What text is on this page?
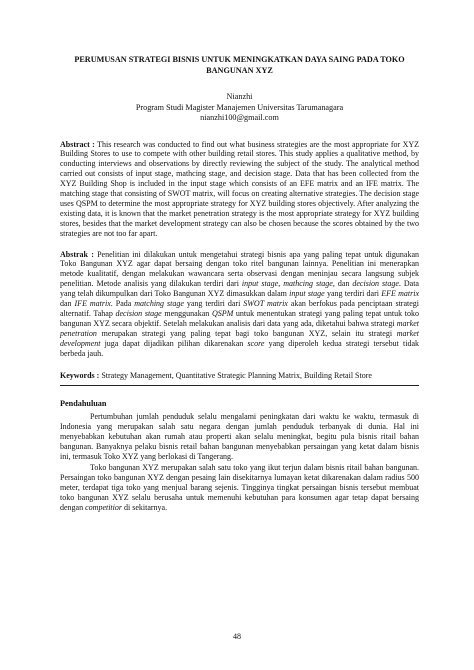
PERUMUSAN STRATEGI BISNIS UNTUK MENINGKATKAN DAYA SAING PADA TOKO BANGUNAN XYZ
Nianzhi
Program Studi Magister Manajemen Universitas Tarumanagara
nianzhi100@gmail.com
Abstract : This research was conducted to find out what business strategies are the most appropriate for XYZ Building Stores to use to compete with other building retail stores. This study applies a qualitative method, by conducting interviews and observations by directly reviewing the subject of the study. The analytical method carried out consists of input stage, mathcing stage, and decision stage. Data that has been collected from the XYZ Building Shop is included in the input stage which consists of an EFE matrix and an IFE matrix. The matching stage that consisting of SWOT matrix, will focus on creating alternative strategies. The decision stage uses QSPM to determine the most appropriate strategy for XYZ building stores objectively. After analyzing the existing data, it is known that the market penetration strategy is the most appropriate strategy for XYZ building stores, besides that the market development strategy can also be chosen because the scores obtained by the two strategies are not too far apart.
Abstrak : Penelitian ini dilakukan untuk mengetahui strategi bisnis apa yang paling tepat untuk digunakan Toko Bangunan XYZ agar dapat bersaing dengan toko ritel bangunan lainnya. Penelitian ini menerapkan metode kualitatif, dengan melakukan wawancara serta observasi dengan meninjau secara langsung subjek penelitian. Metode analisis yang dilakukan terdiri dari input stage, mathcing stage, dan decision stage. Data yang telah dikumpulkan dari Toko Bangunan XYZ dimasukkan dalam input stage yang terdiri dari EFE matrix dan IFE matrix. Pada matching stage yang terdiri dari SWOT matrix akan berfokus pada penciptaan strategi alternatif. Tahap decision stage menggunakan QSPM untuk menentukan strategi yang paling tepat untuk toko bangunan XYZ secara objektif. Setelah melakukan analisis dari data yang ada, diketahui bahwa strategi market penetration merupakan strategi yang paling tepat bagi toko bangunan XYZ, selain itu strategi market development juga dapat dijadikan pilihan dikarenakan score yang diperoleh kedua strategi tersebut tidak berbeda jauh.
Keywords : Strategy Management, Quantitative Strategic Planning Matrix, Building Retail Store
Pendahuluan
Pertumbuhan jumlah penduduk selalu mengalami peningkatan dari waktu ke waktu, termasuk di Indonesia yang merupakan salah satu negara dengan jumlah penduduk terbanyak di dunia. Hal ini menyebabkan kebutuhan akan rumah atau properti akan selalu meningkat, begitu pula bisnis ritail bahan bangunan. Banyaknya pelaku bisnis retail bahan bangunan menyebabkan persaingan yang ketat dalam bisnis ini, termasuk Toko XYZ yang berlokasi di Tangerang.
Toko bangunan XYZ merupakan salah satu toko yang ikut terjun dalam bisnis ritail bahan bangunan. Persaingan toko bangunan XYZ dengan pesaing lain disekitarnya lumayan ketat dikarenakan dalam radius 500 meter, terdapat tiga toko yang menjual barang sejenis. Tingginya tingkat persaingan bisnis tersebut membuat toko bangunan XYZ selalu berusaha untuk memenuhi kebutuhan para konsumen agar tetap dapat bersaing dengan competitior di sekitarnya.
48
